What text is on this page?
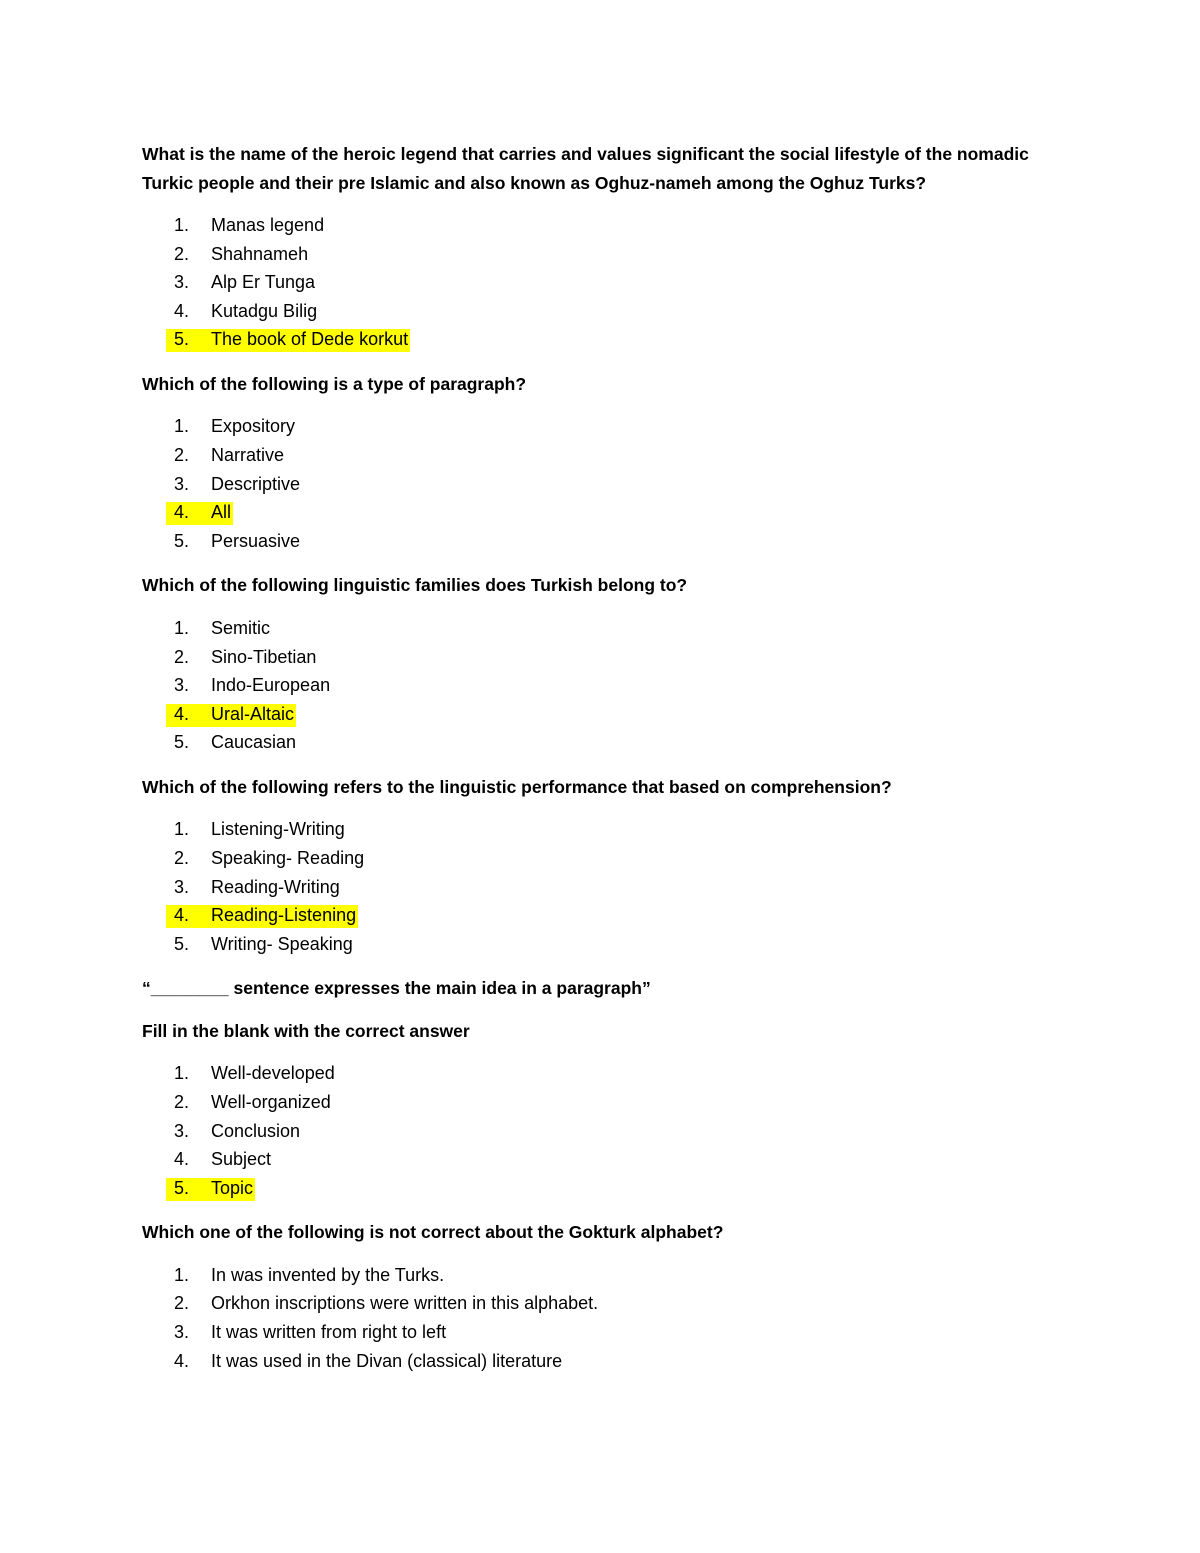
What is the name of the heroic legend that carries and values significant the social lifestyle of the nomadic Turkic people and their pre Islamic and also known as Oghuz-nameh among the Oghuz Turks?

1.	Manas legend
2.	Shahnameh
3.	Alp Er Tunga
4.	Kutadgu Bilig
5.	The book of Dede korkut

Which of the following is a type of paragraph?

1.	Expository
2.	Narrative
3.	Descriptive
4.	All
5.	Persuasive

Which of the following linguistic families does Turkish belong to?

1.	Semitic
2.	Sino-Tibetian
3.	Indo-European
4.	Ural-Altaic
5.	Caucasian

Which of the following refers to the linguistic performance that based on comprehension?

1.	Listening-Writing
2.	Speaking- Reading
3.	Reading-Writing
4.	Reading-Listening
5.	Writing- Speaking

“________ sentence expresses the main idea in a paragraph”

Fill in the blank with the correct answer

1.	Well-developed
2.	Well-organized
3.	Conclusion
4.	Subject
5.	Topic

Which one of the following is not correct about the Gokturk alphabet?

1.	In was invented by the Turks.
2.	Orkhon inscriptions were written in this alphabet.
3.	It was written from right to left
4.	It was used in the Divan (classical) literature
